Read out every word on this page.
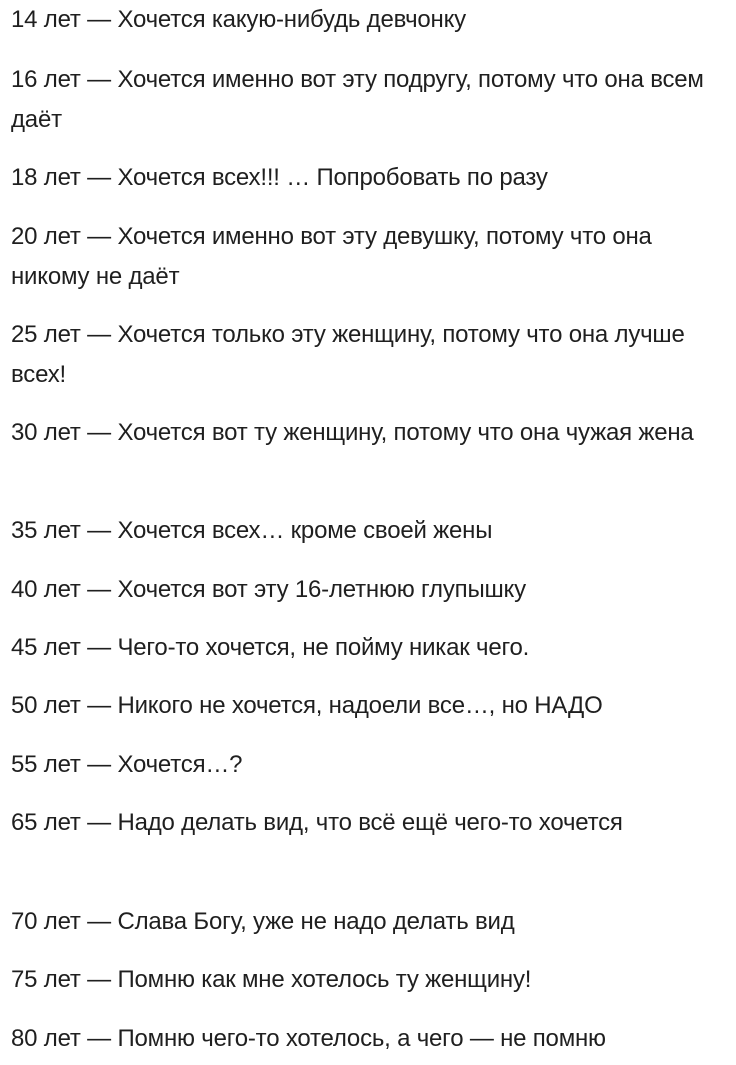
14 лет — Хочется какую-нибудь девчонку

16 лет — Хочется именно вот эту подругу, потому что она всем даёт

18 лет — Хочется всех!!! … Попробовать по разу

20 лет — Хочется именно вот эту девушку, потому что она никому не даёт

25 лет — Хочется только эту женщину, потому что она лучше всех!

30 лет — Хочется вот ту женщину, потому что она чужая жена

35 лет — Хочется всех… кроме своей жены

40 лет — Хочется вот эту 16-летнюю глупышку

45 лет — Чего-то хочется, не пойму никак чего.

50 лет — Никого не хочется, надоели все…, но НАДО

55 лет — Хочется…?

65 лет — Надо делать вид, что всё ещё чего-то хочется

70 лет — Слава Богу, уже не надо делать вид

75 лет — Помню как мне хотелось ту женщину!

80 лет — Помню чего-то хотелось, а чего — не помню
